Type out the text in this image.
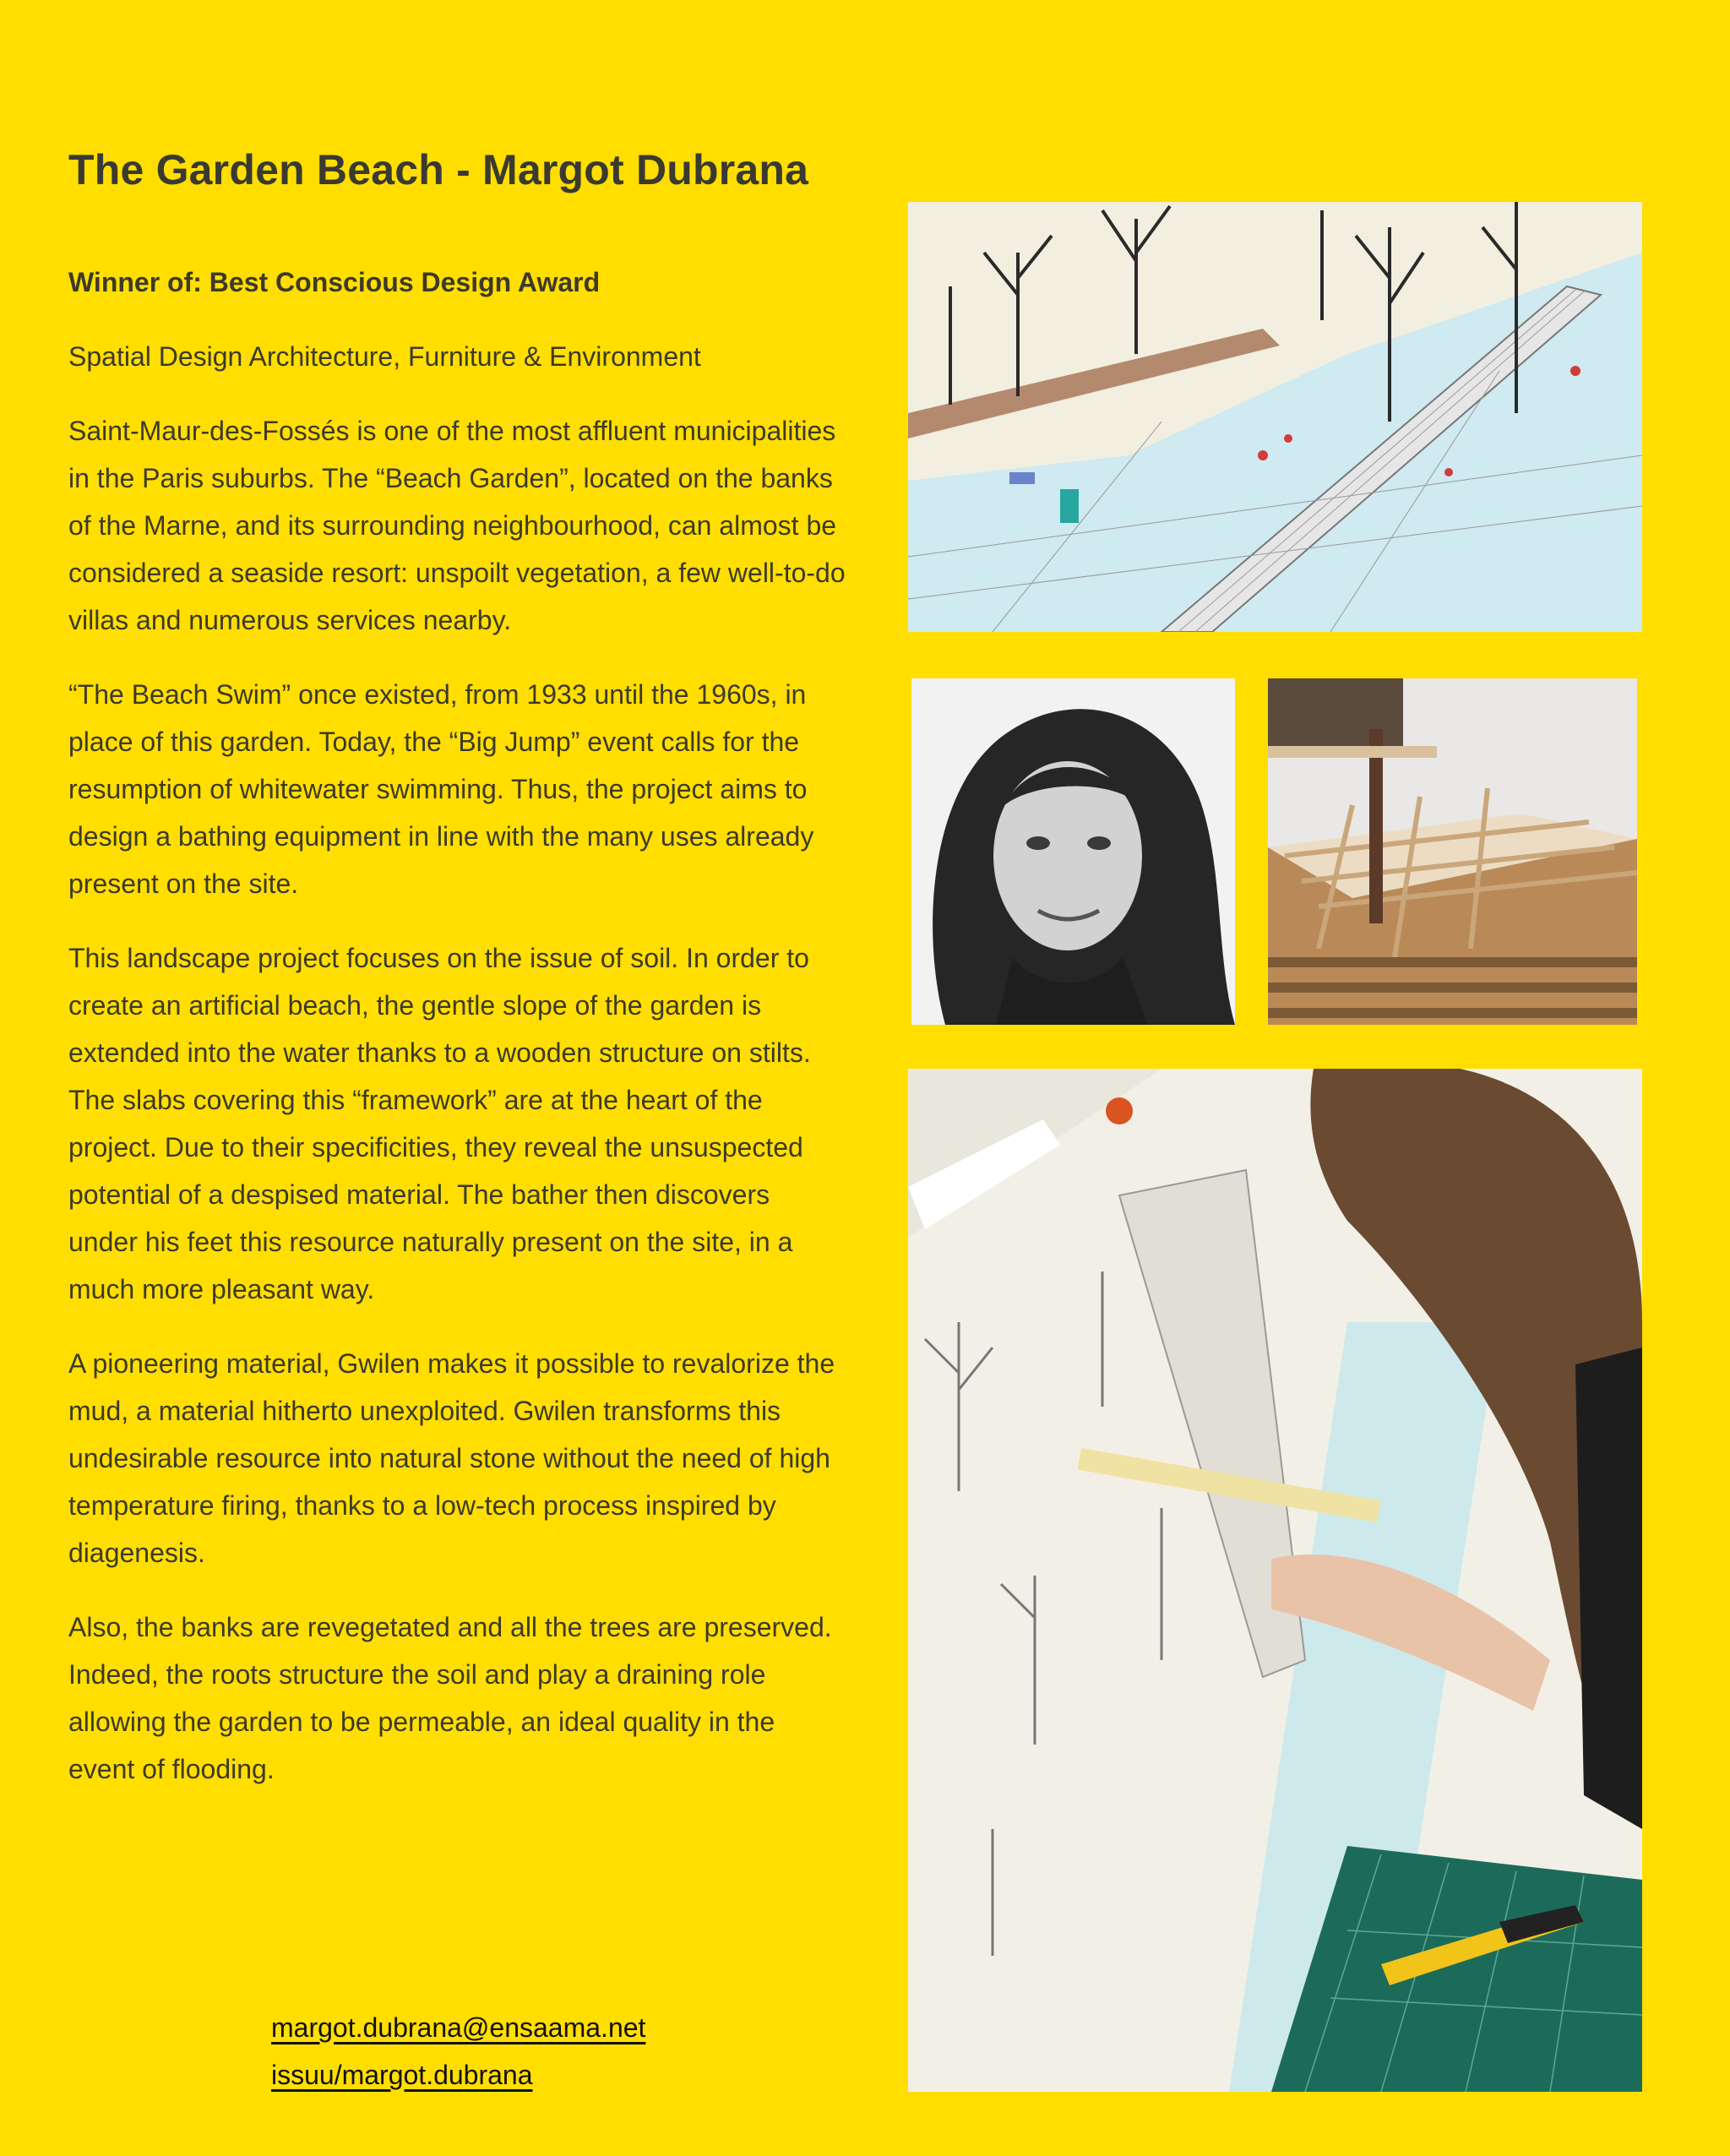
The Garden Beach - Margot Dubrana

Winner of: Best Conscious Design Award

Spatial Design Architecture, Furniture & Environment

Saint-Maur-des-Fossés is one of the most affluent municipalities in the Paris suburbs. The “Beach Garden”, located on the banks of the Marne, and its surrounding neighbourhood, can almost be considered a seaside resort: unspoilt vegetation, a few well-to-do villas and numerous services nearby.

“The Beach Swim” once existed, from 1933 until the 1960s, in place of this garden. Today, the “Big Jump” event calls for the resumption of whitewater swimming. Thus, the project aims to design a bathing equipment in line with the many uses already present on the site.

This landscape project focuses on the issue of soil. In order to create an artificial beach, the gentle slope of the garden is extended into the water thanks to a wooden structure on stilts. The slabs covering this “framework” are at the heart of the project. Due to their specificities, they reveal the unsuspected potential of a despised material. The bather then discovers under his feet this resource naturally present on the site, in a much more pleasant way.

A pioneering material, Gwilen makes it possible to revalorize the mud, a material hitherto unexploited. Gwilen transforms this undesirable resource into natural stone without the need of high temperature firing, thanks to a low-tech process inspired by diagenesis.

Also, the banks are revegetated and all the trees are preserved. Indeed, the roots structure the soil and play a draining role allowing the garden to be permeable, an ideal quality in the event of flooding.

margot.dubrana@ensaama.net
issuu/margot.dubrana
